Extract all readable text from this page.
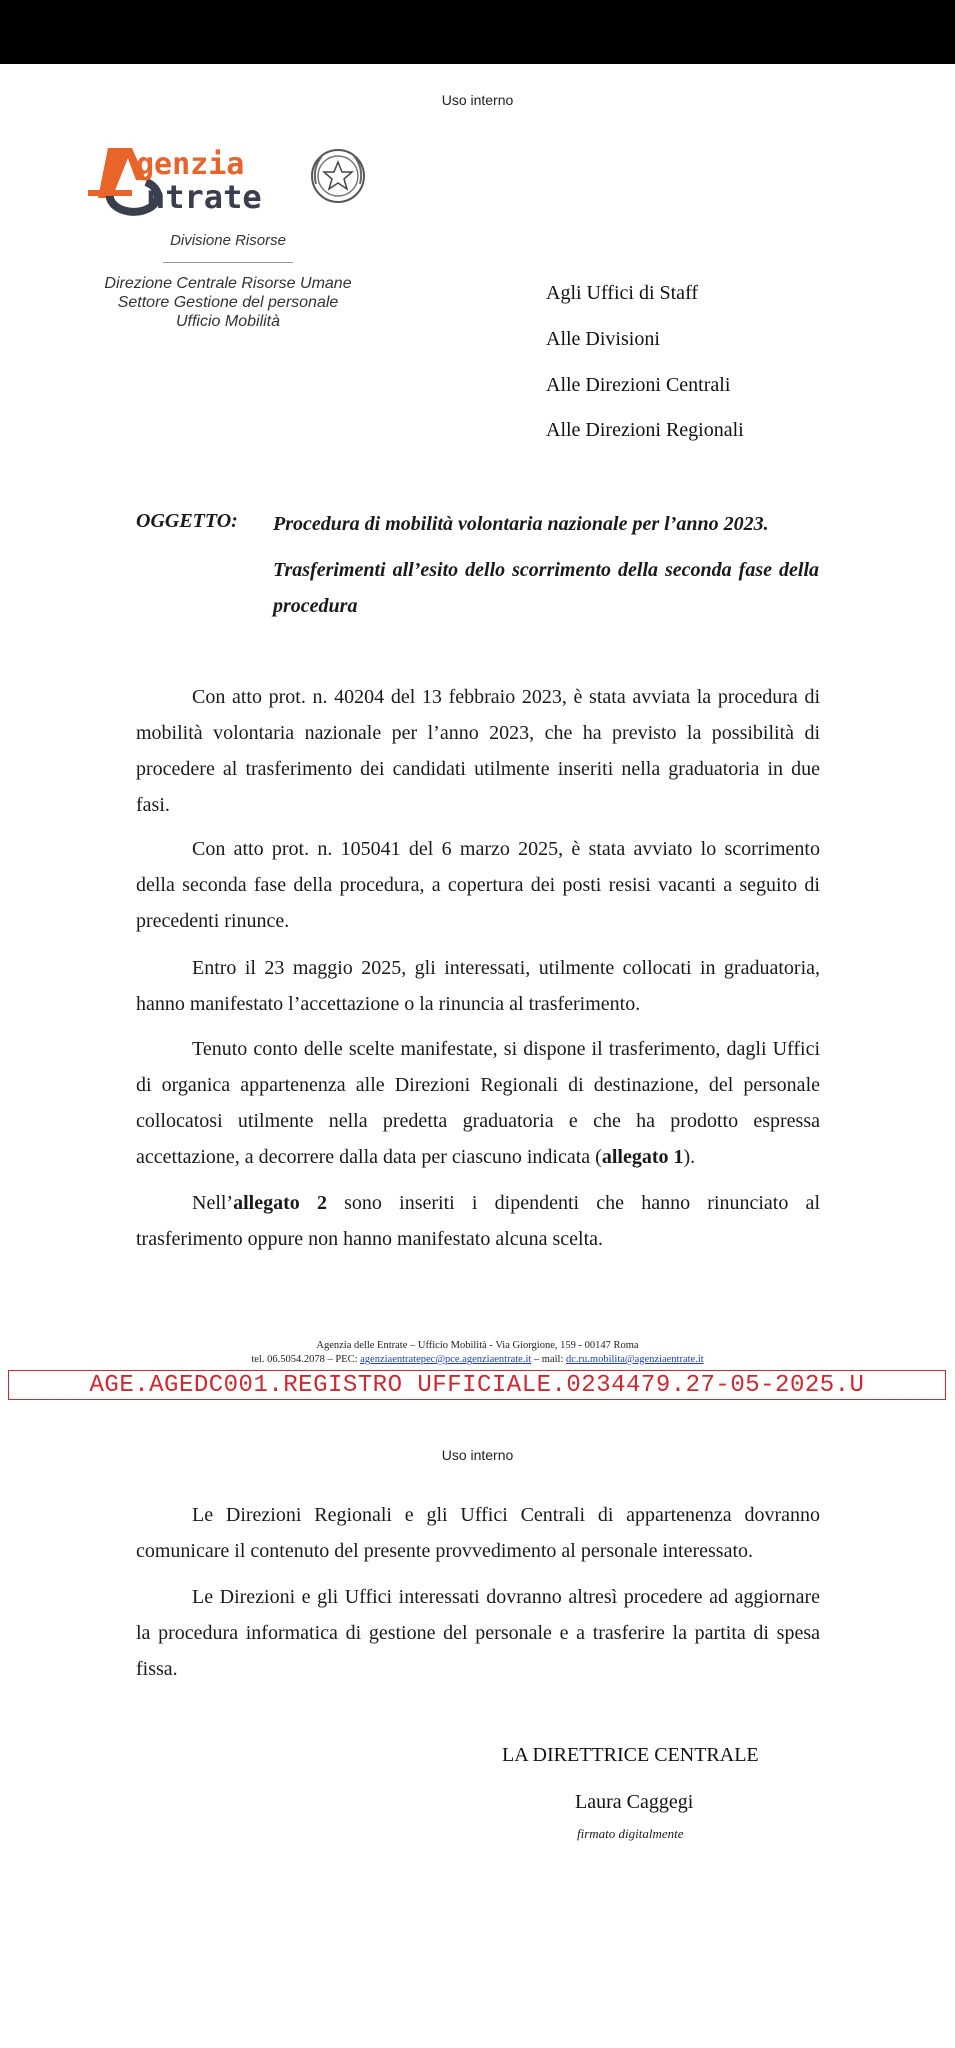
Uso interno
genzia
ntrate
Divisione Risorse
Direzione Centrale Risorse Umane
Settore Gestione del personale
Ufficio Mobilità
Agli Uffici di Staff
Alle Divisioni
Alle Direzioni Centrali
Alle Direzioni Regionali
OGGETTO: Procedura di mobilità volontaria nazionale per l’anno 2023.
Trasferimenti all’esito dello scorrimento della seconda fase della procedura

Con atto prot. n. 40204 del 13 febbraio 2023, è stata avviata la procedura di mobilità volontaria nazionale per l’anno 2023, che ha previsto la possibilità di procedere al trasferimento dei candidati utilmente inseriti nella graduatoria in due fasi.

Con atto prot. n. 105041 del 6 marzo 2025, è stata avviato lo scorrimento della seconda fase della procedura, a copertura dei posti resisi vacanti a seguito di precedenti rinunce.

Entro il 23 maggio 2025, gli interessati, utilmente collocati in graduatoria, hanno manifestato l’accettazione o la rinuncia al trasferimento.

Tenuto conto delle scelte manifestate, si dispone il trasferimento, dagli Uffici di organica appartenenza alle Direzioni Regionali di destinazione, del personale collocatosi utilmente nella predetta graduatoria e che ha prodotto espressa accettazione, a decorrere dalla data per ciascuno indicata (allegato 1).

Nell’allegato 2 sono inseriti i dipendenti che hanno rinunciato al trasferimento oppure non hanno manifestato alcuna scelta.

Agenzia delle Entrate – Ufficio Mobilità - Via Giorgione, 159 - 00147 Roma
tel. 06.5054.2078 – PEC: agenziaentratepec@pce.agenziaentrate.it – mail: dc.ru.mobilita@agenziaentrate.it
AGE.AGEDC001.REGISTRO UFFICIALE.0234479.27-05-2025.U
Uso interno

Le Direzioni Regionali e gli Uffici Centrali di appartenenza dovranno comunicare il contenuto del presente provvedimento al personale interessato.

Le Direzioni e gli Uffici interessati dovranno altresì procedere ad aggiornare la procedura informatica di gestione del personale e a trasferire la partita di spesa fissa.

LA DIRETTRICE CENTRALE
Laura Caggegi
firmato digitalmente
